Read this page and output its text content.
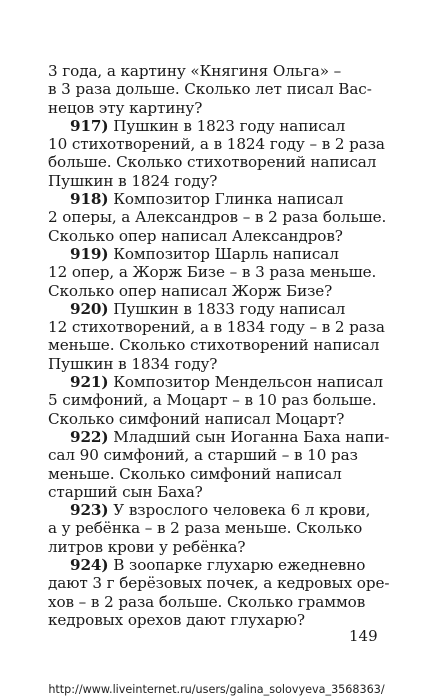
3 года, а картину «Княгиня Ольга» –
в 3 раза дольше. Сколько лет писал Вас-
нецов эту картину?
917) Пушкин в 1823 году написал
10 стихотворений, а в 1824 году – в 2 раза
больше. Сколько стихотворений написал
Пушкин в 1824 году?
918) Композитор Глинка написал
2 оперы, а Александров – в 2 раза больше.
Сколько опер написал Александров?
919) Композитор Шарль написал
12 опер, а Жорж Бизе – в 3 раза меньше.
Сколько опер написал Жорж Бизе?
920) Пушкин в 1833 году написал
12 стихотворений, а в 1834 году – в 2 раза
меньше. Сколько стихотворений написал
Пушкин в 1834 году?
921) Композитор Мендельсон написал
5 симфоний, а Моцарт – в 10 раз больше.
Сколько симфоний написал Моцарт?
922) Младший сын Иоганна Баха напи-
сал 90 симфоний, а старший – в 10 раз
меньше. Сколько симфоний написал
старший сын Баха?
923) У взрослого человека 6 л крови,
а у ребёнка – в 2 раза меньше. Сколько
литров крови у ребёнка?
924) В зоопарке глухарю ежедневно
дают 3 г берёзовых почек, а кедровых оре-
хов – в 2 раза больше. Сколько граммов
кедровых орехов дают глухарю?
149
http://www.liveinternet.ru/users/galina_solovyeva_3568363/
